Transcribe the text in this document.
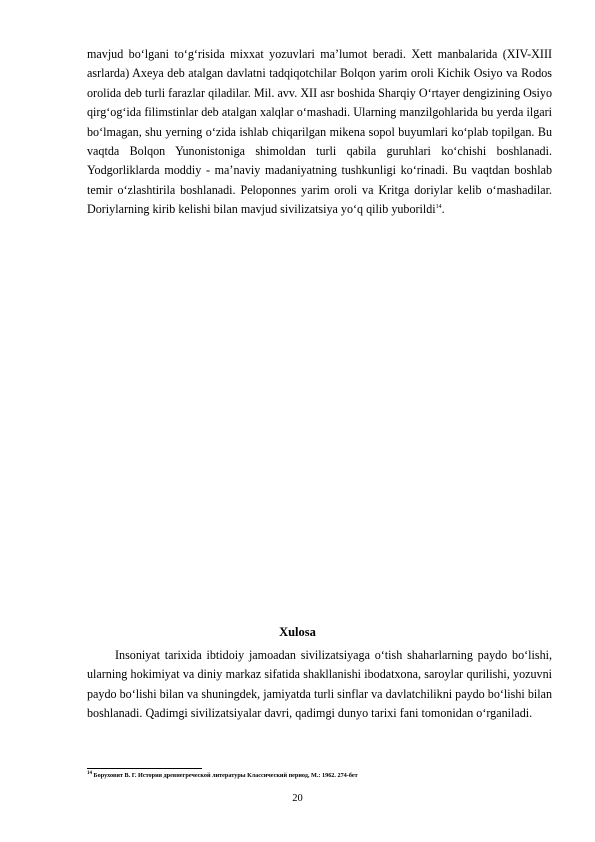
mavjud bo‘lgani to‘g‘risida mixxat yozuvlari ma’lumot beradi. Xett manbalarida (XIV-XIII asrlarda) Axeya deb atalgan davlatni tadqiqotchilar Bolqon yarim oroli Kichik Osiyo va Rodos orolida deb turli farazlar qiladilar. Mil. avv. XII asr boshida Sharqiy O‘rtayer dengizining Osiyo qirg‘og‘ida filimstinlar deb atalgan xalqlar o‘mashadi. Ularning manzilgohlarida bu yerda ilgari bo‘lmagan, shu yerning o‘zida ishlab chiqarilgan mikena sopol buyumlari ko‘plab topilgan. Bu vaqtda Bolqon Yunonistoniga shimoldan turli qabila guruhlari ko‘chishi boshlanadi. Yodgorliklarda moddiy - ma’naviy madaniyatning tushkunligi ko‘rinadi. Bu vaqtdan boshlab temir o‘zlashtirila boshlanadi. Peloponnes yarim oroli va Kritga doriylar kelib o‘mashadilar. Doriylarning kirib kelishi bilan mavjud sivilizatsiya yo‘q qilib yuborildi$^{14}$.

Xulosa

Insoniyat tarixida ibtidoiy jamoadan sivilizatsiyaga o‘tish shaharlarning paydo bo‘lishi, ularning hokimiyat va diniy markaz sifatida shakllanishi ibodatxona, saroylar qurilishi, yozuvni paydo bo‘lishi bilan va shuningdek, jamiyatda turli sinflar va davlatchilikni paydo bo‘lishi bilan boshlanadi. Qadimgi sivilizatsiyalar davri, qadimgi dunyo tarixi fani tomonidan o‘rganiladi.

$^{14}$ Боруховит В. Г. История древнегреческой литературы Классический период, М.: 1962. 274-бет

20
